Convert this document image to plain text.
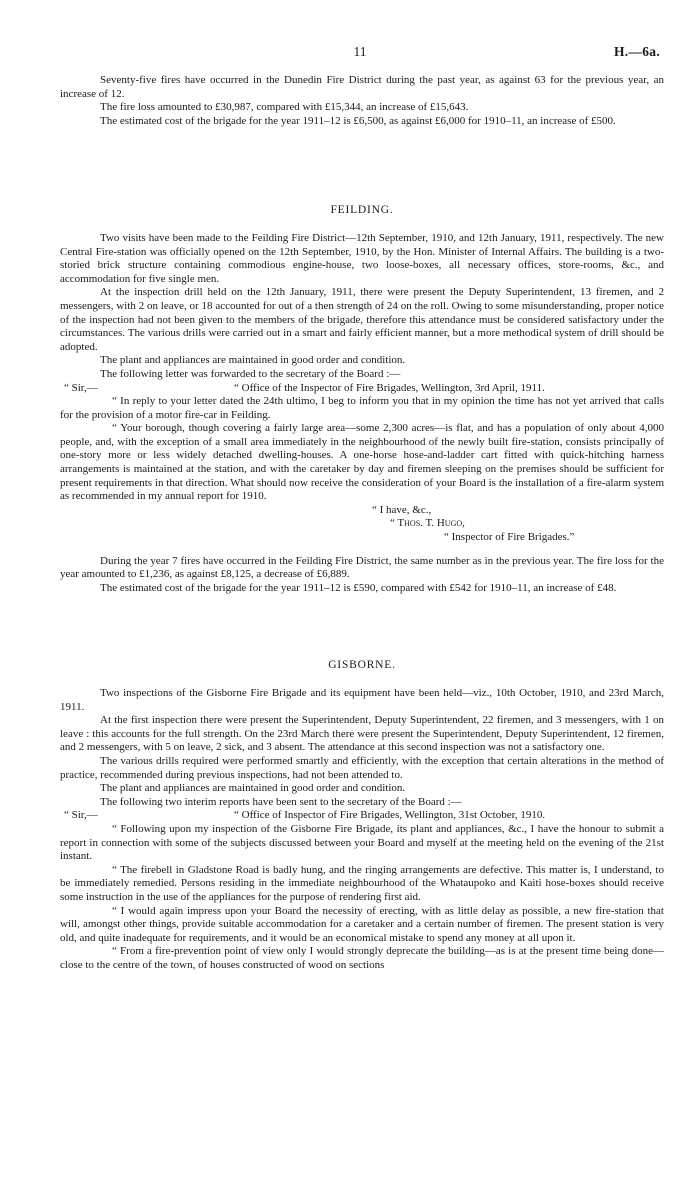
11	H.—6a.

Seventy-five fires have occurred in the Dunedin Fire District during the past year, as against 63 for the previous year, an increase of 12.

The fire loss amounted to £30,987, compared with £15,344, an increase of £15,643.

The estimated cost of the brigade for the year 1911–12 is £6,500, as against £6,000 for 1910–11, an increase of £500.

FEILDING.

Two visits have been made to the Feilding Fire District—12th September, 1910, and 12th January, 1911, respectively. The new Central Fire-station was officially opened on the 12th September, 1910, by the Hon. Minister of Internal Affairs. The building is a two-storied brick structure containing commodious engine-house, two loose-boxes, all necessary offices, store-rooms, &c., and accommodation for five single men.

At the inspection drill held on the 12th January, 1911, there were present the Deputy Superintendent, 13 firemen, and 2 messengers, with 2 on leave, or 18 accounted for out of a then strength of 24 on the roll. Owing to some misunderstanding, proper notice of the inspection had not been given to the members of the brigade, therefore this attendance must be considered satisfactory under the circumstances. The various drills were carried out in a smart and fairly efficient manner, but a more methodical system of drill should be adopted.

The plant and appliances are maintained in good order and condition.

The following letter was forwarded to the secretary of the Board :—

“ Sir,—	“ Office of the Inspector of Fire Brigades, Wellington, 3rd April, 1911.

“ In reply to your letter dated the 24th ultimo, I beg to inform you that in my opinion the time has not yet arrived that calls for the provision of a motor fire-car in Feilding.

“ Your borough, though covering a fairly large area—some 2,300 acres—is flat, and has a population of only about 4,000 people, and, with the exception of a small area immediately in the neighbourhood of the newly built fire-station, consists principally of one-story more or less widely detached dwelling-houses. A one-horse hose-and-ladder cart fitted with quick-hitching harness arrangements is maintained at the station, and with the caretaker by day and firemen sleeping on the premises should be sufficient for present requirements in that direction. What should now receive the consideration of your Board is the installation of a fire-alarm system as recommended in my annual report for 1910.

“ I have, &c.,

“ Thos. T. Hugo,

“ Inspector of Fire Brigades.”

During the year 7 fires have occurred in the Feilding Fire District, the same number as in the previous year. The fire loss for the year amounted to £1,236, as against £8,125, a decrease of £6,889.

The estimated cost of the brigade for the year 1911–12 is £590, compared with £542 for 1910–11, an increase of £48.

GISBORNE.

Two inspections of the Gisborne Fire Brigade and its equipment have been held—viz., 10th October, 1910, and 23rd March, 1911.

At the first inspection there were present the Superintendent, Deputy Superintendent, 22 firemen, and 3 messengers, with 1 on leave : this accounts for the full strength. On the 23rd March there were present the Superintendent, Deputy Superintendent, 12 firemen, and 2 messengers, with 5 on leave, 2 sick, and 3 absent. The attendance at this second inspection was not a satisfactory one.

The various drills required were performed smartly and efficiently, with the exception that certain alterations in the method of practice, recommended during previous inspections, had not been attended to.

The plant and appliances are maintained in good order and condition.

The following two interim reports have been sent to the secretary of the Board :—

“ Sir,—	“ Office of Inspector of Fire Brigades, Wellington, 31st October, 1910.

“ Following upon my inspection of the Gisborne Fire Brigade, its plant and appliances, &c., I have the honour to submit a report in connection with some of the subjects discussed between your Board and myself at the meeting held on the evening of the 21st instant.

“ The firebell in Gladstone Road is badly hung, and the ringing arrangements are defective. This matter is, I understand, to be immediately remedied. Persons residing in the immediate neighbourhood of the Whataupoko and Kaiti hose-boxes should receive some instruction in the use of the appliances for the purpose of rendering first aid.

“ I would again impress upon your Board the necessity of erecting, with as little delay as possible, a new fire-station that will, amongst other things, provide suitable accommodation for a caretaker and a certain number of firemen. The present station is very old, and quite inadequate for requirements, and it would be an economical mistake to spend any money at all upon it.

“ From a fire-prevention point of view only I would strongly deprecate the building—as is at the present time being done—close to the centre of the town, of houses constructed of wood on sections
